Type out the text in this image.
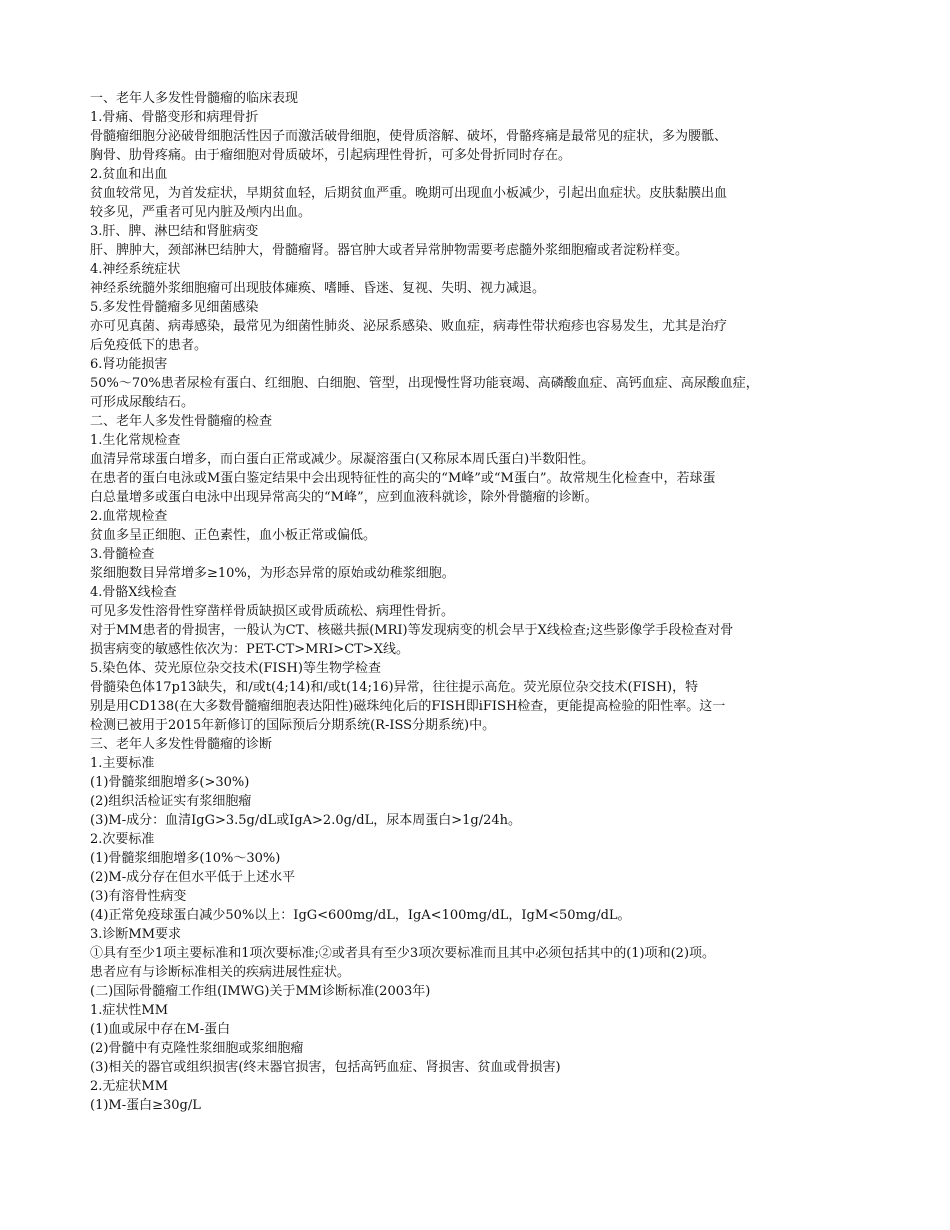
一、老年人多发性骨髓瘤的临床表现

1.骨痛、骨骼变形和病理骨折

骨髓瘤细胞分泌破骨细胞活性因子而激活破骨细胞，使骨质溶解、破坏，骨骼疼痛是最常见的症状，多为腰骶、

胸骨、肋骨疼痛。由于瘤细胞对骨质破坏，引起病理性骨折，可多处骨折同时存在。

2.贫血和出血

贫血较常见，为首发症状，早期贫血轻，后期贫血严重。晚期可出现血小板减少，引起出血症状。皮肤黏膜出血

较多见，严重者可见内脏及颅内出血。

3.肝、脾、淋巴结和肾脏病变

肝、脾肿大，颈部淋巴结肿大，骨髓瘤肾。器官肿大或者异常肿物需要考虑髓外浆细胞瘤或者淀粉样变。

4.神经系统症状

神经系统髓外浆细胞瘤可出现肢体瘫痪、嗜睡、昏迷、复视、失明、视力减退。

5.多发性骨髓瘤多见细菌感染

亦可见真菌、病毒感染，最常见为细菌性肺炎、泌尿系感染、败血症，病毒性带状疱疹也容易发生，尤其是治疗

后免疫低下的患者。

6.肾功能损害

50%～70%患者尿检有蛋白、红细胞、白细胞、管型，出现慢性肾功能衰竭、高磷酸血症、高钙血症、高尿酸血症，

可形成尿酸结石。

二、老年人多发性骨髓瘤的检查

1.生化常规检查

血清异常球蛋白增多，而白蛋白正常或减少。尿凝溶蛋白(又称尿本周氏蛋白)半数阳性。

在患者的蛋白电泳或M蛋白鉴定结果中会出现特征性的高尖的“M峰”或“M蛋白”。故常规生化检查中，若球蛋

白总量增多或蛋白电泳中出现异常高尖的“M峰”，应到血液科就诊，除外骨髓瘤的诊断。

2.血常规检查

贫血多呈正细胞、正色素性，血小板正常或偏低。

3.骨髓检查

浆细胞数目异常增多≥10%，为形态异常的原始或幼稚浆细胞。

4.骨骼X线检查

可见多发性溶骨性穿凿样骨质缺损区或骨质疏松、病理性骨折。

对于MM患者的骨损害，一般认为CT、核磁共振(MRI)等发现病变的机会早于X线检查;这些影像学手段检查对骨

损害病变的敏感性依次为：PET-CT>MRI>CT>X线。

5.染色体、荧光原位杂交技术(FISH)等生物学检查

骨髓染色体17p13缺失，和/或t(4;14)和/或t(14;16)异常，往往提示高危。荧光原位杂交技术(FISH)，特

别是用CD138(在大多数骨髓瘤细胞表达阳性)磁珠纯化后的FISH即iFISH检查，更能提高检验的阳性率。这一

检测已被用于2015年新修订的国际预后分期系统(R-ISS分期系统)中。

三、老年人多发性骨髓瘤的诊断

1.主要标准

(1)骨髓浆细胞增多(>30%)

(2)组织活检证实有浆细胞瘤

(3)M-成分：血清IgG>3.5g/dL或IgA>2.0g/dL，尿本周蛋白>1g/24h。

2.次要标准

(1)骨髓浆细胞增多(10%～30%)

(2)M-成分存在但水平低于上述水平

(3)有溶骨性病变

(4)正常免疫球蛋白减少50%以上：IgG<600mg/dL，IgA<100mg/dL，IgM<50mg/dL。

3.诊断MM要求

①具有至少1项主要标准和1项次要标准;②或者具有至少3项次要标准而且其中必须包括其中的(1)项和(2)项。

患者应有与诊断标准相关的疾病进展性症状。

(二)国际骨髓瘤工作组(IMWG)关于MM诊断标准(2003年)

1.症状性MM

(1)血或尿中存在M-蛋白

(2)骨髓中有克隆性浆细胞或浆细胞瘤

(3)相关的器官或组织损害(终末器官损害，包括高钙血症、肾损害、贫血或骨损害)

2.无症状MM

(1)M-蛋白≥30g/L
